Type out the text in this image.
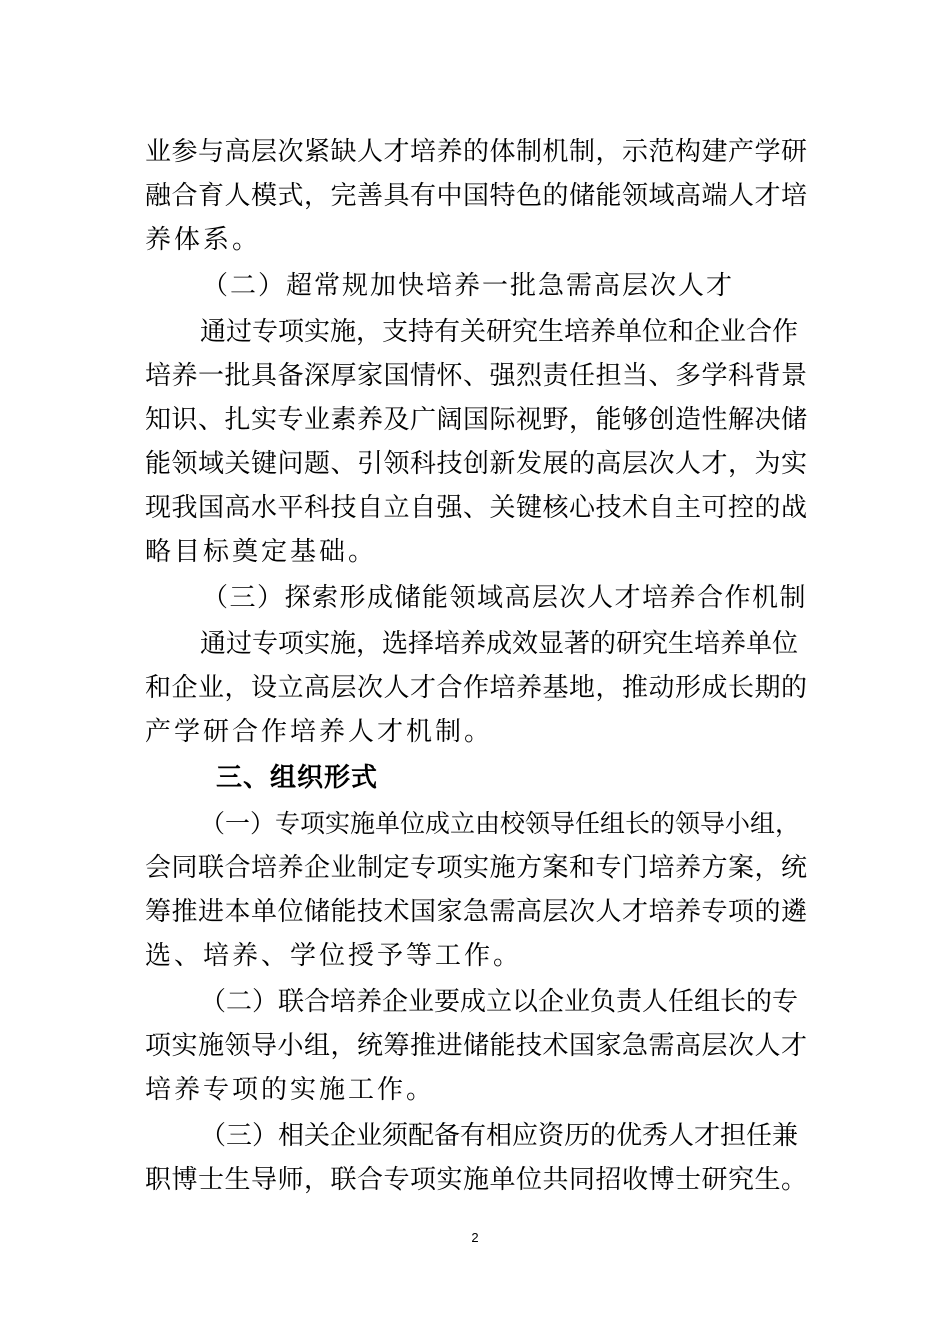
业参与高层次紧缺人才培养的体制机制，示范构建产学研
融合育人模式，完善具有中国特色的储能领域高端人才培
养体系。
（二）超常规加快培养一批急需高层次人才
通过专项实施，支持有关研究生培养单位和企业合作
培养一批具备深厚家国情怀、强烈责任担当、多学科背景
知识、扎实专业素养及广阔国际视野，能够创造性解决储
能领域关键问题、引领科技创新发展的高层次人才，为实
现我国高水平科技自立自强、关键核心技术自主可控的战
略目标奠定基础。
（三）探索形成储能领域高层次人才培养合作机制
通过专项实施，选择培养成效显著的研究生培养单位
和企业，设立高层次人才合作培养基地，推动形成长期的
产学研合作培养人才机制。
三、组织形式
（一）专项实施单位成立由校领导任组长的领导小组，
会同联合培养企业制定专项实施方案和专门培养方案，统
筹推进本单位储能技术国家急需高层次人才培养专项的遴
选、培养、学位授予等工作。
（二）联合培养企业要成立以企业负责人任组长的专
项实施领导小组，统筹推进储能技术国家急需高层次人才
培养专项的实施工作。
（三）相关企业须配备有相应资历的优秀人才担任兼
职博士生导师，联合专项实施单位共同招收博士研究生。
2
